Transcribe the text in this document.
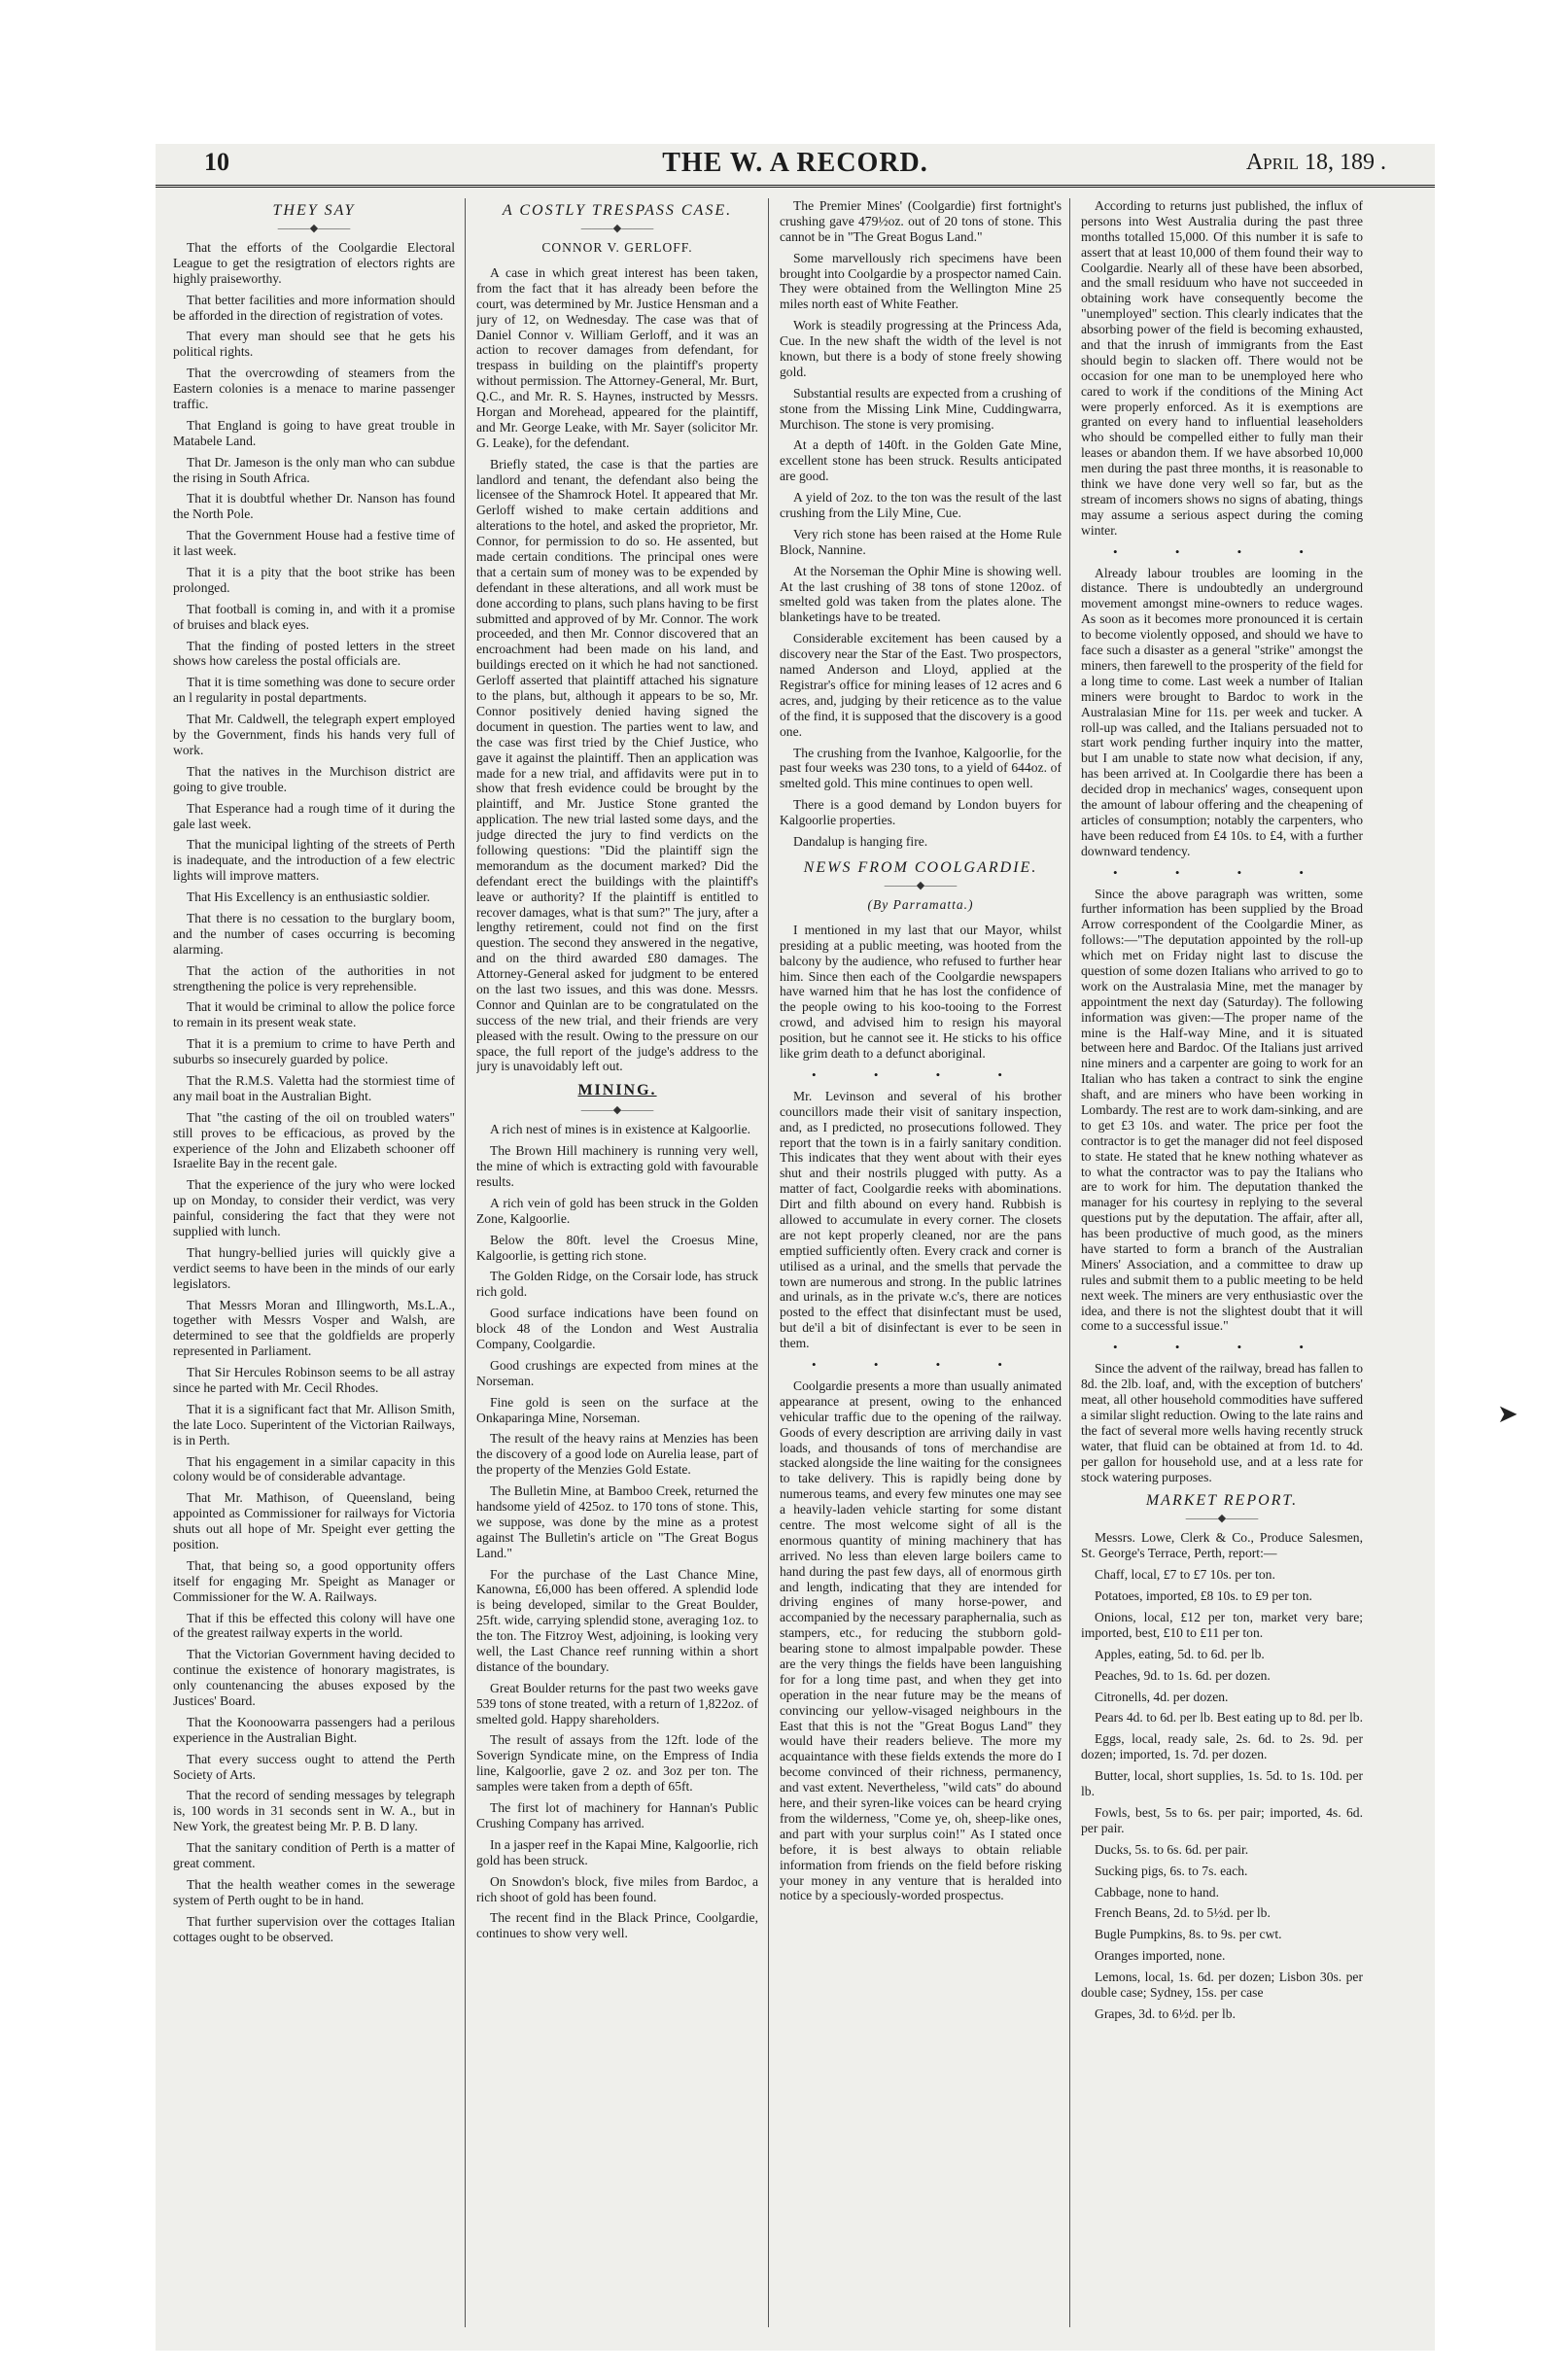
10	THE W. A RECORD.	April 18, 189 .
THEY SAY
———◆———

That the efforts of the Coolgardie Electoral League to get the resigtration of electors rights are highly praiseworthy.

That better facilities and more information should be afforded in the direction of registration of votes.

That every man should see that he gets his political rights.

That the overcrowding of steamers from the Eastern colonies is a menace to marine passenger traffic.

That England is going to have great trouble in Matabele Land.

That Dr. Jameson is the only man who can subdue the rising in South Africa.

That it is doubtful whether Dr. Nanson has found the North Pole.

That the Government House had a festive time of it last week.

That it is a pity that the boot strike has been prolonged.

That football is coming in, and with it a promise of bruises and black eyes.

That the finding of posted letters in the street shows how careless the postal officials are.

That it is time something was done to secure order an l regularity in postal departments.

That Mr. Caldwell, the telegraph expert employed by the Government, finds his hands very full of work.

That the natives in the Murchison district are going to give trouble.

That Esperance had a rough time of it during the gale last week.

That the municipal lighting of the streets of Perth is inadequate, and the introduction of a few electric lights will improve matters.

That His Excellency is an enthusiastic soldier.

That there is no cessation to the burglary boom, and the number of cases occurring is becoming alarming.

That the action of the authorities in not strengthening the police is very reprehensible.

That it would be criminal to allow the police force to remain in its present weak state.

That it is a premium to crime to have Perth and suburbs so insecurely guarded by police.

That the R.M.S. Valetta had the stormiest time of any mail boat in the Australian Bight.

That "the casting of the oil on troubled waters" still proves to be efficacious, as proved by the experience of the John and Elizabeth schooner off Israelite Bay in the recent gale.

That the experience of the jury who were locked up on Monday, to consider their verdict, was very painful, considering the fact that they were not supplied with lunch.

That hungry-bellied juries will quickly give a verdict seems to have been in the minds of our early legislators.

That Messrs Moran and Illingworth, Ms.L.A., together with Messrs Vosper and Walsh, are determined to see that the goldfields are properly represented in Parliament.

That Sir Hercules Robinson seems to be all astray since he parted with Mr. Cecil Rhodes.

That it is a significant fact that Mr. Allison Smith, the late Loco. Superintent of the Victorian Railways, is in Perth.

That his engagement in a similar capacity in this colony would be of considerable advantage.

That Mr. Mathison, of Queensland, being appointed as Commissioner for railways for Victoria shuts out all hope of Mr. Speight ever getting the position.

That, that being so, a good opportunity offers itself for engaging Mr. Speight as Manager or Commissioner for the W. A. Railways.

That if this be effected this colony will have one of the greatest railway experts in the world.

That the Victorian Government having decided to continue the existence of honorary magistrates, is only countenancing the abuses exposed by the Justices' Board.

That the Koonoowarra passengers had a perilous experience in the Australian Bight.

That every success ought to attend the Perth Society of Arts.

That the record of sending messages by telegraph is, 100 words in 31 seconds sent in W. A., but in New York, the greatest being Mr. P. B. D lany.

That the sanitary condition of Perth is a matter of great comment.

That the health weather comes in the sewerage system of Perth ought to be in hand.

That further supervision over the cottages Italian cottages ought to be observed.

A COSTLY TRESPASS CASE.
———◆———
CONNOR V. GERLOFF.

A case in which great interest has been taken, from the fact that it has already been before the court, was determined by Mr. Justice Hensman and a jury of 12, on Wednesday. The case was that of Daniel Connor v. William Gerloff, and it was an action to recover damages from defendant, for trespass in building on the plaintiff's property without permission. The Attorney-General, Mr. Burt, Q.C., and Mr. R. S. Haynes, instructed by Messrs. Horgan and Morehead, appeared for the plaintiff, and Mr. George Leake, with Mr. Sayer (solicitor Mr. G. Leake), for the defendant.

Briefly stated, the case is that the parties are landlord and tenant, the defendant also being the licensee of the Shamrock Hotel. It appeared that Mr. Gerloff wished to make certain additions and alterations to the hotel, and asked the proprietor, Mr. Connor, for permission to do so. He assented, but made certain conditions. The principal ones were that a certain sum of money was to be expended by defendant in these alterations, and all work must be done according to plans, such plans having to be first submitted and approved of by Mr. Connor. The work proceeded, and then Mr. Connor discovered that an encroachment had been made on his land, and buildings erected on it which he had not sanctioned. Gerloff asserted that plaintiff attached his signature to the plans, but, although it appears to be so, Mr. Connor positively denied having signed the document in question. The parties went to law, and the case was first tried by the Chief Justice, who gave it against the plaintiff. Then an application was made for a new trial, and affidavits were put in to show that fresh evidence could be brought by the plaintiff, and Mr. Justice Stone granted the application. The new trial lasted some days, and the judge directed the jury to find verdicts on the following questions: "Did the plaintiff sign the memorandum as the document marked? Did the defendant erect the buildings with the plaintiff's leave or authority? If the plaintiff is entitled to recover damages, what is that sum?" The jury, after a lengthy retirement, could not find on the first question. The second they answered in the negative, and on the third awarded £80 damages. The Attorney-General asked for judgment to be entered on the last two issues, and this was done. Messrs. Connor and Quinlan are to be congratulated on the success of the new trial, and their friends are very pleased with the result. Owing to the pressure on our space, the full report of the judge's address to the jury is unavoidably left out.

MINING.
———◆———

A rich nest of mines is in existence at Kalgoorlie.

The Brown Hill machinery is running very well, the mine of which is extracting gold with favourable results.

A rich vein of gold has been struck in the Golden Zone, Kalgoorlie.

Below the 80ft. level the Croesus Mine, Kalgoorlie, is getting rich stone.

The Golden Ridge, on the Corsair lode, has struck rich gold.

Good surface indications have been found on block 48 of the London and West Australia Company, Coolgardie.

Good crushings are expected from mines at the Norseman.

Fine gold is seen on the surface at the Onkaparinga Mine, Norseman.

The result of the heavy rains at Menzies has been the discovery of a good lode on Aurelia lease, part of the property of the Menzies Gold Estate.

The Bulletin Mine, at Bamboo Creek, returned the handsome yield of 425oz. to 170 tons of stone. This, we suppose, was done by the mine as a protest against The Bulletin's article on "The Great Bogus Land."

For the purchase of the Last Chance Mine, Kanowna, £6,000 has been offered. A splendid lode is being developed, similar to the Great Boulder, 25ft. wide, carrying splendid stone, averaging 1oz. to the ton. The Fitzroy West, adjoining, is looking very well, the Last Chance reef running within a short distance of the boundary.

Great Boulder returns for the past two weeks gave 539 tons of stone treated, with a return of 1,822oz. of smelted gold. Happy shareholders.

The result of assays from the 12ft. lode of the Soverign Syndicate mine, on the Empress of India line, Kalgoorlie, gave 2 oz. and 3oz per ton. The samples were taken from a depth of 65ft.

The first lot of machinery for Hannan's Public Crushing Company has arrived.

In a jasper reef in the Kapai Mine, Kalgoorlie, rich gold has been struck.

On Snowdon's block, five miles from Bardoc, a rich shoot of gold has been found.

The recent find in the Black Prince, Coolgardie, continues to show very well.

The Premier Mines' (Coolgardie) first fortnight's crushing gave 479½oz. out of 20 tons of stone. This cannot be in "The Great Bogus Land."

Some marvellously rich specimens have been brought into Coolgardie by a prospector named Cain. They were obtained from the Wellington Mine 25 miles north east of White Feather.

Work is steadily progressing at the Princess Ada, Cue. In the new shaft the width of the level is not known, but there is a body of stone freely showing gold.

Substantial results are expected from a crushing of stone from the Missing Link Mine, Cuddingwarra, Murchison. The stone is very promising.

At a depth of 140ft. in the Golden Gate Mine, excellent stone has been struck. Results anticipated are good.

A yield of 2oz. to the ton was the result of the last crushing from the Lily Mine, Cue.

Very rich stone has been raised at the Home Rule Block, Nannine.

At the Norseman the Ophir Mine is showing well. At the last crushing of 38 tons of stone 120oz. of smelted gold was taken from the plates alone. The blanketings have to be treated.

Considerable excitement has been caused by a discovery near the Star of the East. Two prospectors, named Anderson and Lloyd, applied at the Registrar's office for mining leases of 12 acres and 6 acres, and, judging by their reticence as to the value of the find, it is supposed that the discovery is a good one.

The crushing from the Ivanhoe, Kalgoorlie, for the past four weeks was 230 tons, to a yield of 644oz. of smelted gold. This mine continues to open well.

There is a good demand by London buyers for Kalgoorlie properties.

Dandalup is hanging fire.

NEWS FROM COOLGARDIE.
———◆———
(By Parramatta.)

I mentioned in my last that our Mayor, whilst presiding at a public meeting, was hooted from the balcony by the audience, who refused to further hear him. Since then each of the Coolgardie newspapers have warned him that he has lost the confidence of the people owing to his koo-tooing to the Forrest crowd, and advised him to resign his mayoral position, but he cannot see it. He sticks to his office like grim death to a defunct aboriginal.

• • • •

Mr. Levinson and several of his brother councillors made their visit of sanitary inspection, and, as I predicted, no prosecutions followed. They report that the town is in a fairly sanitary condition. This indicates that they went about with their eyes shut and their nostrils plugged with putty. As a matter of fact, Coolgardie reeks with abominations. Dirt and filth abound on every hand. Rubbish is allowed to accumulate in every corner. The closets are not kept properly cleaned, nor are the pans emptied sufficiently often. Every crack and corner is utilised as a urinal, and the smells that pervade the town are numerous and strong. In the public latrines and urinals, as in the private w.c's, there are notices posted to the effect that disinfectant must be used, but de'il a bit of disinfectant is ever to be seen in them.

• • • •

Coolgardie presents a more than usually animated appearance at present, owing to the enhanced vehicular traffic due to the opening of the railway. Goods of every description are arriving daily in vast loads, and thousands of tons of merchandise are stacked alongside the line waiting for the consignees to take delivery. This is rapidly being done by numerous teams, and every few minutes one may see a heavily-laden vehicle starting for some distant centre. The most welcome sight of all is the enormous quantity of mining machinery that has arrived. No less than eleven large boilers came to hand during the past few days, all of enormous girth and length, indicating that they are intended for driving engines of many horse-power, and accompanied by the necessary paraphernalia, such as stampers, etc., for reducing the stubborn gold-bearing stone to almost impalpable powder. These are the very things the fields have been languishing for for a long time past, and when they get into operation in the near future may be the means of convincing our yellow-visaged neighbours in the East that this is not the "Great Bogus Land" they would have their readers believe. The more my acquaintance with these fields extends the more do I become convinced of their richness, permanency, and vast extent. Nevertheless, "wild cats" do abound here, and their syren-like voices can be heard crying from the wilderness, "Come ye, oh, sheep-like ones, and part with your surplus coin!" As I stated once before, it is best always to obtain reliable information from friends on the field before risking your money in any venture that is heralded into notice by a speciously-worded prospectus.

According to returns just published, the influx of persons into West Australia during the past three months totalled 15,000. Of this number it is safe to assert that at least 10,000 of them found their way to Coolgardie. Nearly all of these have been absorbed, and the small residuum who have not succeeded in obtaining work have consequently become the "unemployed" section. This clearly indicates that the absorbing power of the field is becoming exhausted, and that the inrush of immigrants from the East should begin to slacken off. There would not be occasion for one man to be unemployed here who cared to work if the conditions of the Mining Act were properly enforced. As it is exemptions are granted on every hand to influential leaseholders who should be compelled either to fully man their leases or abandon them. If we have absorbed 10,000 men during the past three months, it is reasonable to think we have done very well so far, but as the stream of incomers shows no signs of abating, things may assume a serious aspect during the coming winter.

• • • •

Already labour troubles are looming in the distance. There is undoubtedly an underground movement amongst mine-owners to reduce wages. As soon as it becomes more pronounced it is certain to become violently opposed, and should we have to face such a disaster as a general "strike" amongst the miners, then farewell to the prosperity of the field for a long time to come. Last week a number of Italian miners were brought to Bardoc to work in the Australasian Mine for 11s. per week and tucker. A roll-up was called, and the Italians persuaded not to start work pending further inquiry into the matter, but I am unable to state now what decision, if any, has been arrived at. In Coolgardie there has been a decided drop in mechanics' wages, consequent upon the amount of labour offering and the cheapening of articles of consumption; notably the carpenters, who have been reduced from £4 10s. to £4, with a further downward tendency.

• • • •

Since the above paragraph was written, some further information has been supplied by the Broad Arrow correspondent of the Coolgardie Miner, as follows:—"The deputation appointed by the roll-up which met on Friday night last to discuse the question of some dozen Italians who arrived to go to work on the Australasia Mine, met the manager by appointment the next day (Saturday). The following information was given:—The proper name of the mine is the Half-way Mine, and it is situated between here and Bardoc. Of the Italians just arrived nine miners and a carpenter are going to work for an Italian who has taken a contract to sink the engine shaft, and are miners who have been working in Lombardy. The rest are to work dam-sinking, and are to get £3 10s. and water. The price per foot the contractor is to get the manager did not feel disposed to state. He stated that he knew nothing whatever as to what the contractor was to pay the Italians who are to work for him. The deputation thanked the manager for his courtesy in replying to the several questions put by the deputation. The affair, after all, has been productive of much good, as the miners have started to form a branch of the Australian Miners' Association, and a committee to draw up rules and submit them to a public meeting to be held next week. The miners are very enthusiastic over the idea, and there is not the slightest doubt that it will come to a successful issue."

• • • •

Since the advent of the railway, bread has fallen to 8d. the 2lb. loaf, and, with the exception of butchers' meat, all other household commodities have suffered a similar slight reduction. Owing to the late rains and the fact of several more wells having recently struck water, that fluid can be obtained at from 1d. to 4d. per gallon for household use, and at a less rate for stock watering purposes.

MARKET REPORT.
———◆———

Messrs. Lowe, Clerk & Co., Produce Salesmen, St. George's Terrace, Perth, report:—

Chaff, local, £7 to £7 10s. per ton.

Potatoes, imported, £8 10s. to £9 per ton.

Onions, local, £12 per ton, market very bare; imported, best, £10 to £11 per ton.

Apples, eating, 5d. to 6d. per lb.

Peaches, 9d. to 1s. 6d. per dozen.

Citronells, 4d. per dozen.

Pears 4d. to 6d. per lb. Best eating up to 8d. per lb.

Eggs, local, ready sale, 2s. 6d. to 2s. 9d. per dozen; imported, 1s. 7d. per dozen.

Butter, local, short supplies, 1s. 5d. to 1s. 10d. per lb.

Fowls, best, 5s to 6s. per pair; imported, 4s. 6d. per pair.

Ducks, 5s. to 6s. 6d. per pair.

Sucking pigs, 6s. to 7s. each.

Cabbage, none to hand.

French Beans, 2d. to 5½d. per lb.

Bugle Pumpkins, 8s. to 9s. per cwt.

Oranges imported, none.

Lemons, local, 1s. 6d. per dozen; Lisbon 30s. per double case; Sydney, 15s. per case

Grapes, 3d. to 6½d. per lb.

➤
